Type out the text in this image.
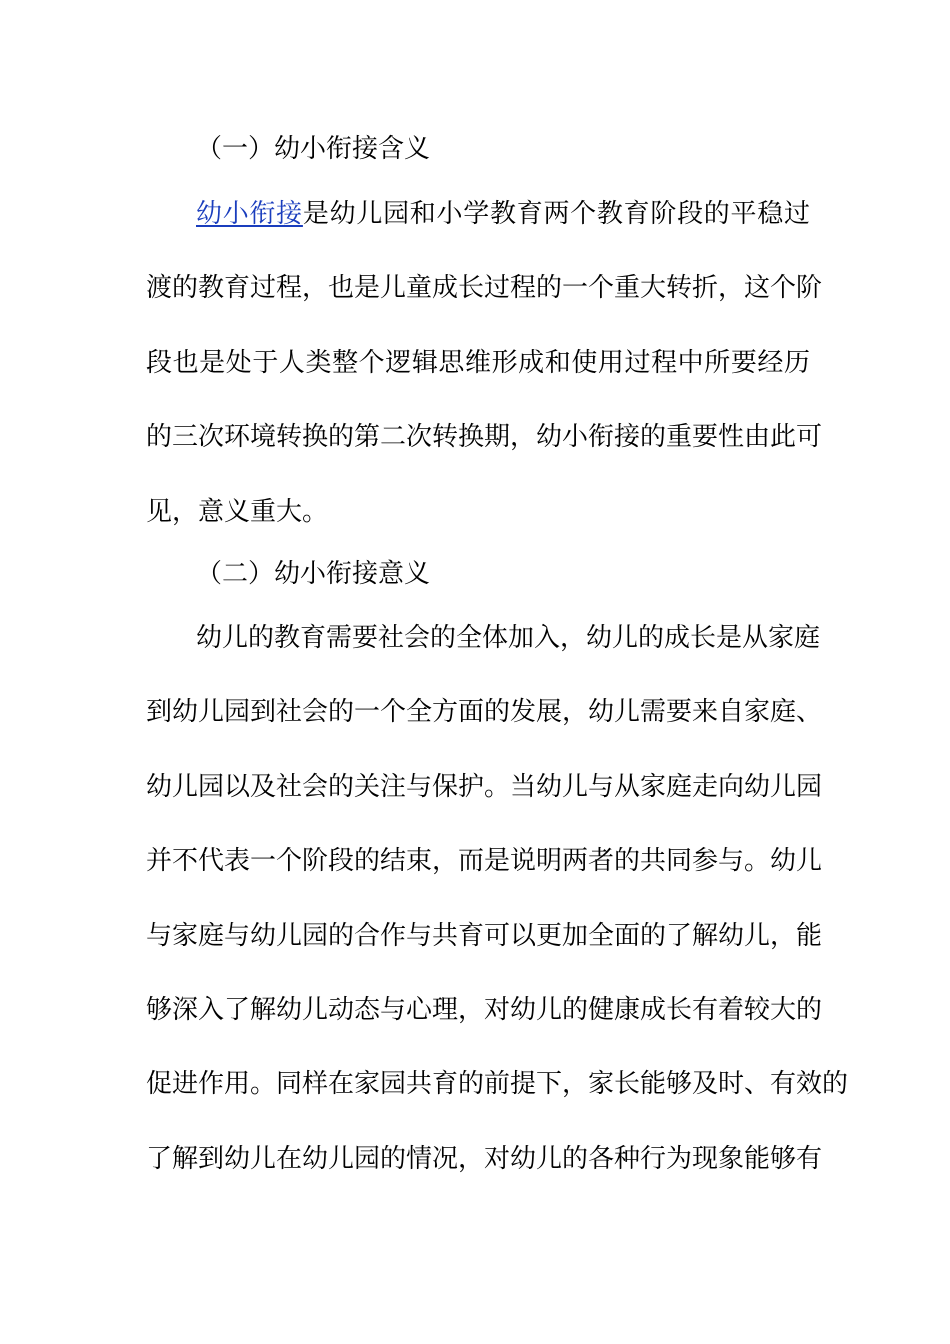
（一）幼小衔接含义
幼小衔接是幼儿园和小学教育两个教育阶段的平稳过
渡的教育过程，也是儿童成长过程的一个重大转折，这个阶
段也是处于人类整个逻辑思维形成和使用过程中所要经历
的三次环境转换的第二次转换期，幼小衔接的重要性由此可
见，意义重大。
（二）幼小衔接意义
幼儿的教育需要社会的全体加入，幼儿的成长是从家庭
到幼儿园到社会的一个全方面的发展，幼儿需要来自家庭、
幼儿园以及社会的关注与保护。当幼儿与从家庭走向幼儿园
并不代表一个阶段的结束，而是说明两者的共同参与。幼儿
与家庭与幼儿园的合作与共育可以更加全面的了解幼儿，能
够深入了解幼儿动态与心理，对幼儿的健康成长有着较大的
促进作用。同样在家园共育的前提下，家长能够及时、有效的
了解到幼儿在幼儿园的情况，对幼儿的各种行为现象能够有
